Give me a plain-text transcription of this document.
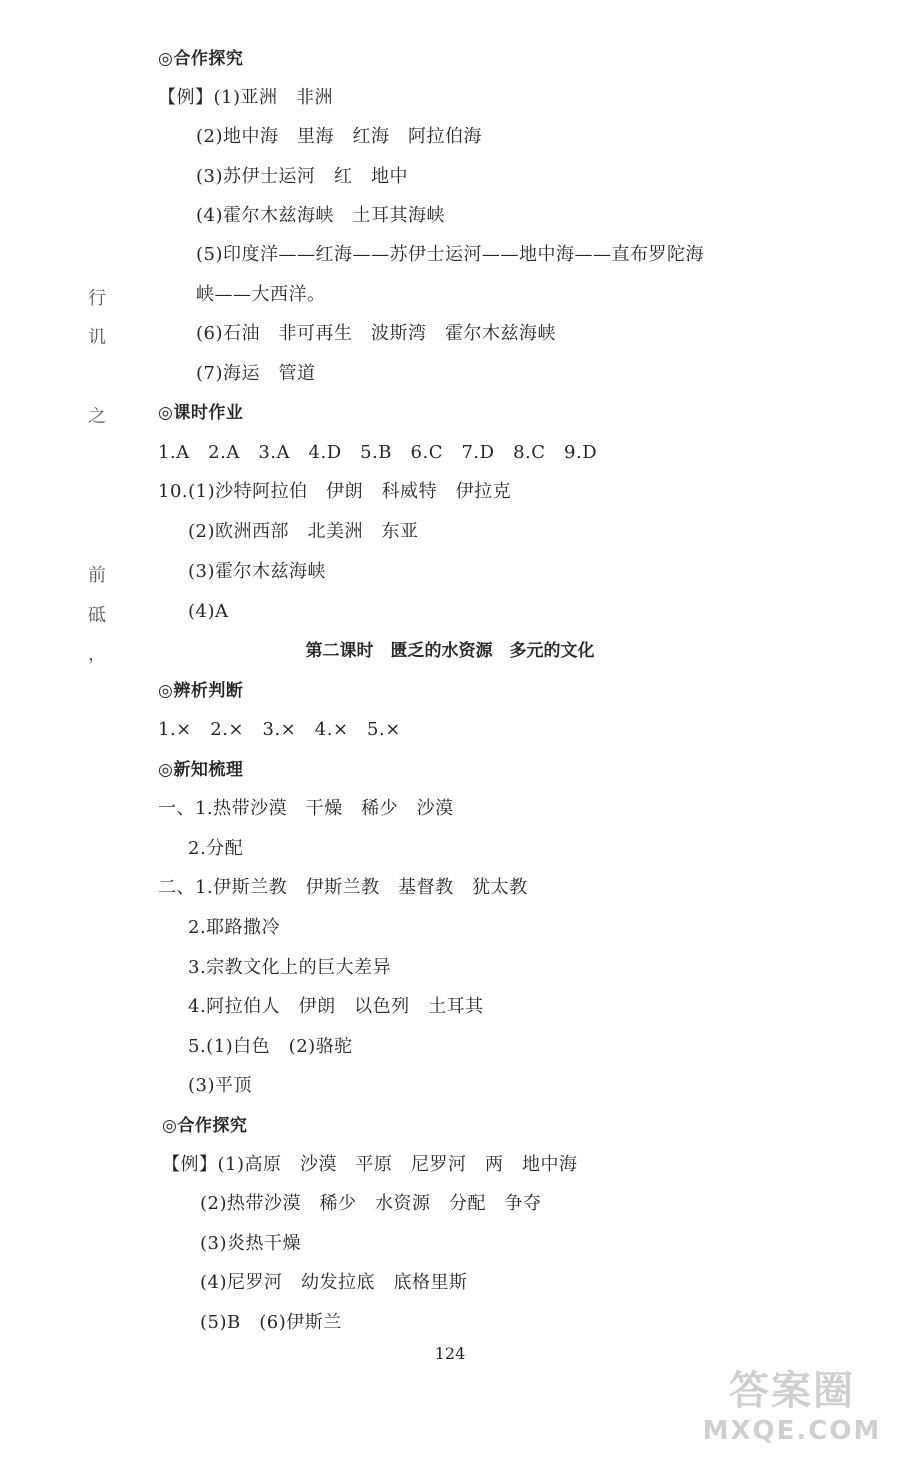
◎合作探究
【例】(1)亚洲　非洲
(2)地中海　里海　红海　阿拉伯海
(3)苏伊士运河　红　地中
(4)霍尔木兹海峡　土耳其海峡
(5)印度洋——红海——苏伊士运河——地中海——直布罗陀海
峡——大西洋。
(6)石油　非可再生　波斯湾　霍尔木兹海峡
(7)海运　管道
◎课时作业
1.A　2.A　3.A　4.D　5.B　6.C　7.D　8.C　9.D
10.(1)沙特阿拉伯　伊朗　科威特　伊拉克
(2)欧洲西部　北美洲　东亚
(3)霍尔木兹海峡
(4)A
第二课时　匮乏的水资源　多元的文化
◎辨析判断
1.×　2.×　3.×　4.×　5.×
◎新知梳理
一、1.热带沙漠　干燥　稀少　沙漠
2.分配
二、1.伊斯兰教　伊斯兰教　基督教　犹太教
2.耶路撒冷
3.宗教文化上的巨大差异
4.阿拉伯人　伊朗　以色列　土耳其
5.(1)白色　(2)骆驼
(3)平顶
◎合作探究
【例】(1)高原　沙漠　平原　尼罗河　两　地中海
(2)热带沙漠　稀少　水资源　分配　争夺
(3)炎热干燥
(4)尼罗河　幼发拉底　底格里斯
(5)B　(6)伊斯兰
124
行
讥
之
前
砥
，
答案圈
MXQE.COM
